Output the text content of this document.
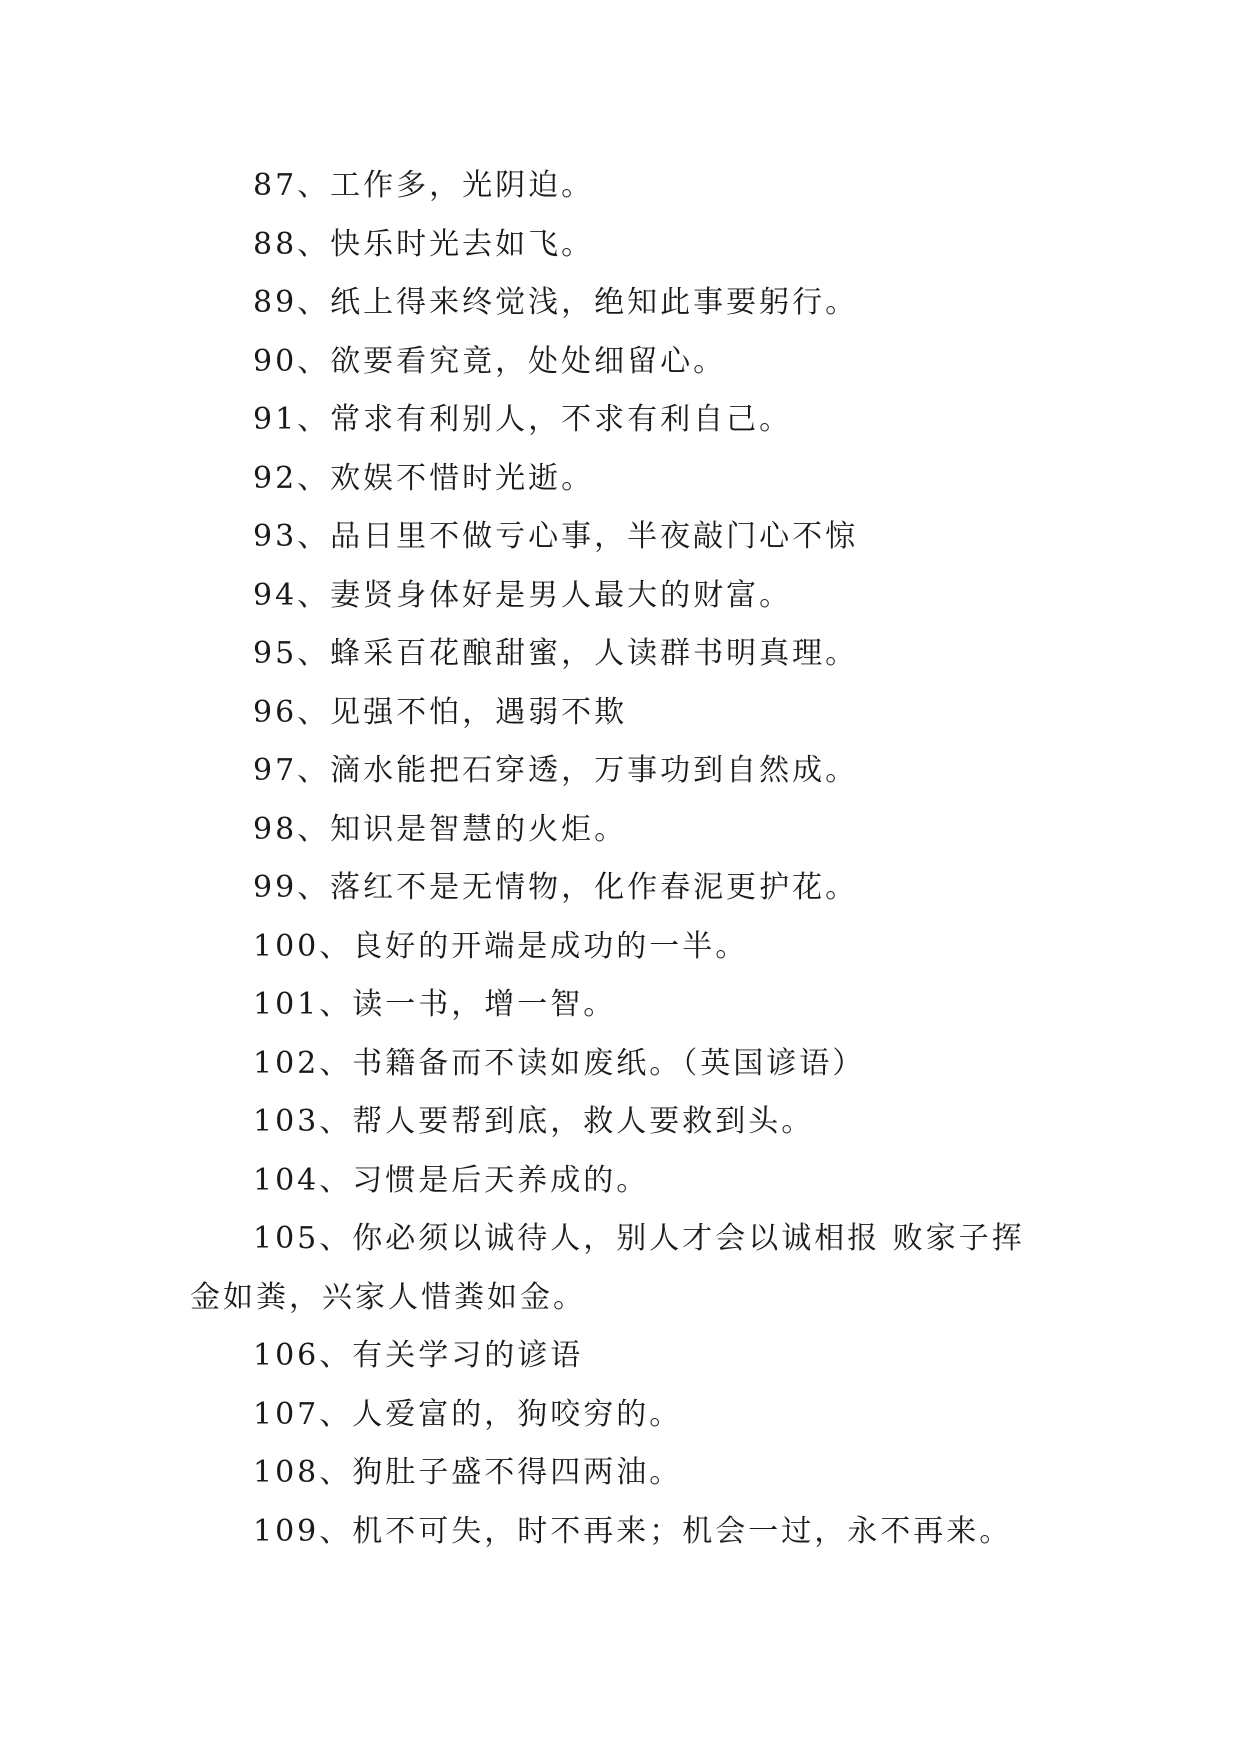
87、工作多，光阴迫。
88、快乐时光去如飞。
89、纸上得来终觉浅，绝知此事要躬行。
90、欲要看究竟，处处细留心。
91、常求有利别人，不求有利自己。
92、欢娱不惜时光逝。
93、品日里不做亏心事，半夜敲门心不惊
94、妻贤身体好是男人最大的财富。
95、蜂采百花酿甜蜜，人读群书明真理。
96、见强不怕，遇弱不欺
97、滴水能把石穿透，万事功到自然成。
98、知识是智慧的火炬。
99、落红不是无情物，化作春泥更护花。
100、良好的开端是成功的一半。
101、读一书，增一智。
102、书籍备而不读如废纸。（英国谚语）
103、帮人要帮到底，救人要救到头。
104、习惯是后天养成的。
105、你必须以诚待人，别人才会以诚相报 败家子挥金如粪，兴家人惜粪如金。
106、有关学习的谚语
107、人爱富的，狗咬穷的。
108、狗肚子盛不得四两油。
109、机不可失，时不再来；机会一过，永不再来。
